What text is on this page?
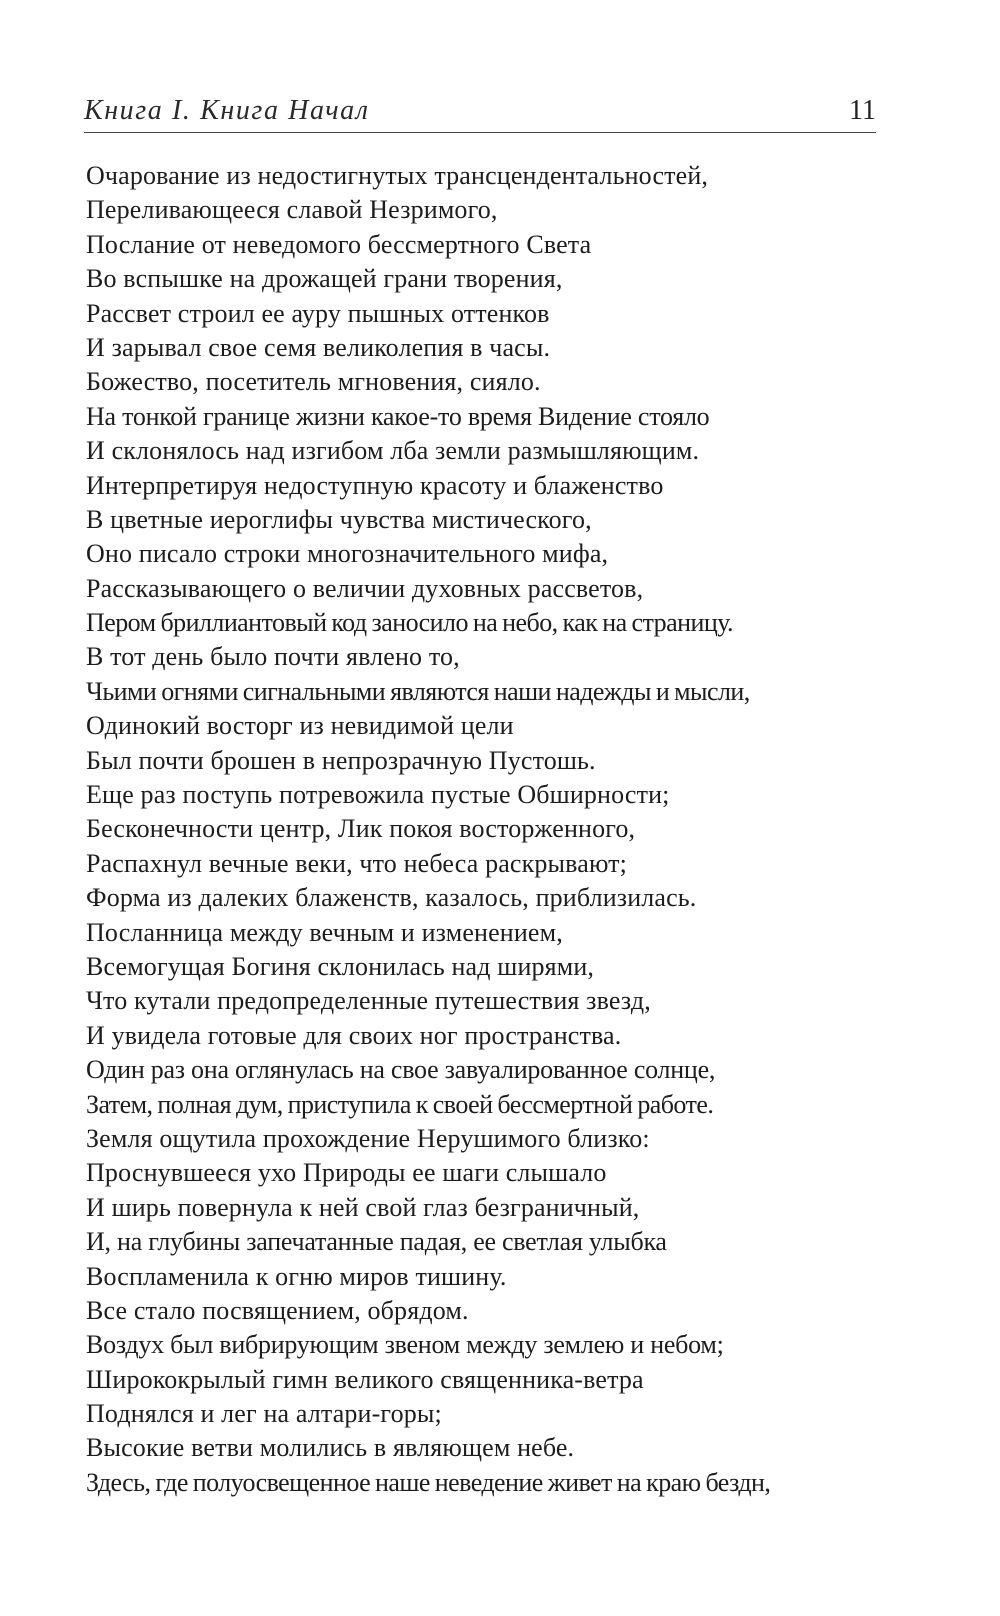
Книга I. Книга Начал	11
Очарование из недостигнутых трансцендентальностей,
Переливающееся славой Незримого,
Послание от неведомого бессмертного Света
Во вспышке на дрожащей грани творения,
Рассвет строил ее ауру пышных оттенков
И зарывал свое семя великолепия в часы.
Божество, посетитель мгновения, сияло.
На тонкой границе жизни какое-то время Видение стояло
И склонялось над изгибом лба земли размышляющим.
Интерпретируя недоступную красоту и блаженство
В цветные иероглифы чувства мистического,
Оно писало строки многозначительного мифа,
Рассказывающего о величии духовных рассветов,
Пером бриллиантовый код заносило на небо, как на страницу.
В тот день было почти явлено то,
Чьими огнями сигнальными являются наши надежды и мысли,
Одинокий восторг из невидимой цели
Был почти брошен в непрозрачную Пустошь.
Еще раз поступь потревожила пустые Обширности;
Бесконечности центр, Лик покоя восторженного,
Распахнул вечные веки, что небеса раскрывают;
Форма из далеких блаженств, казалось, приблизилась.
Посланница между вечным и изменением,
Всемогущая Богиня склонилась над ширями,
Что кутали предопределенные путешествия звезд,
И увидела готовые для своих ног пространства.
Один раз она оглянулась на свое завуалированное солнце,
Затем, полная дум, приступила к своей бессмертной работе.
Земля ощутила прохождение Нерушимого близко:
Проснувшееся ухо Природы ее шаги слышало
И ширь повернула к ней свой глаз безграничный,
И, на глубины запечатанные падая, ее светлая улыбка
Воспламенила к огню миров тишину.
Все стало посвящением, обрядом.
Воздух был вибрирующим звеном между землею и небом;
Ширококрылый гимн великого священника-ветра
Поднялся и лег на алтари-горы;
Высокие ветви молились в являющем небе.
Здесь, где полуосвещенное наше неведение живет на краю бездн,
